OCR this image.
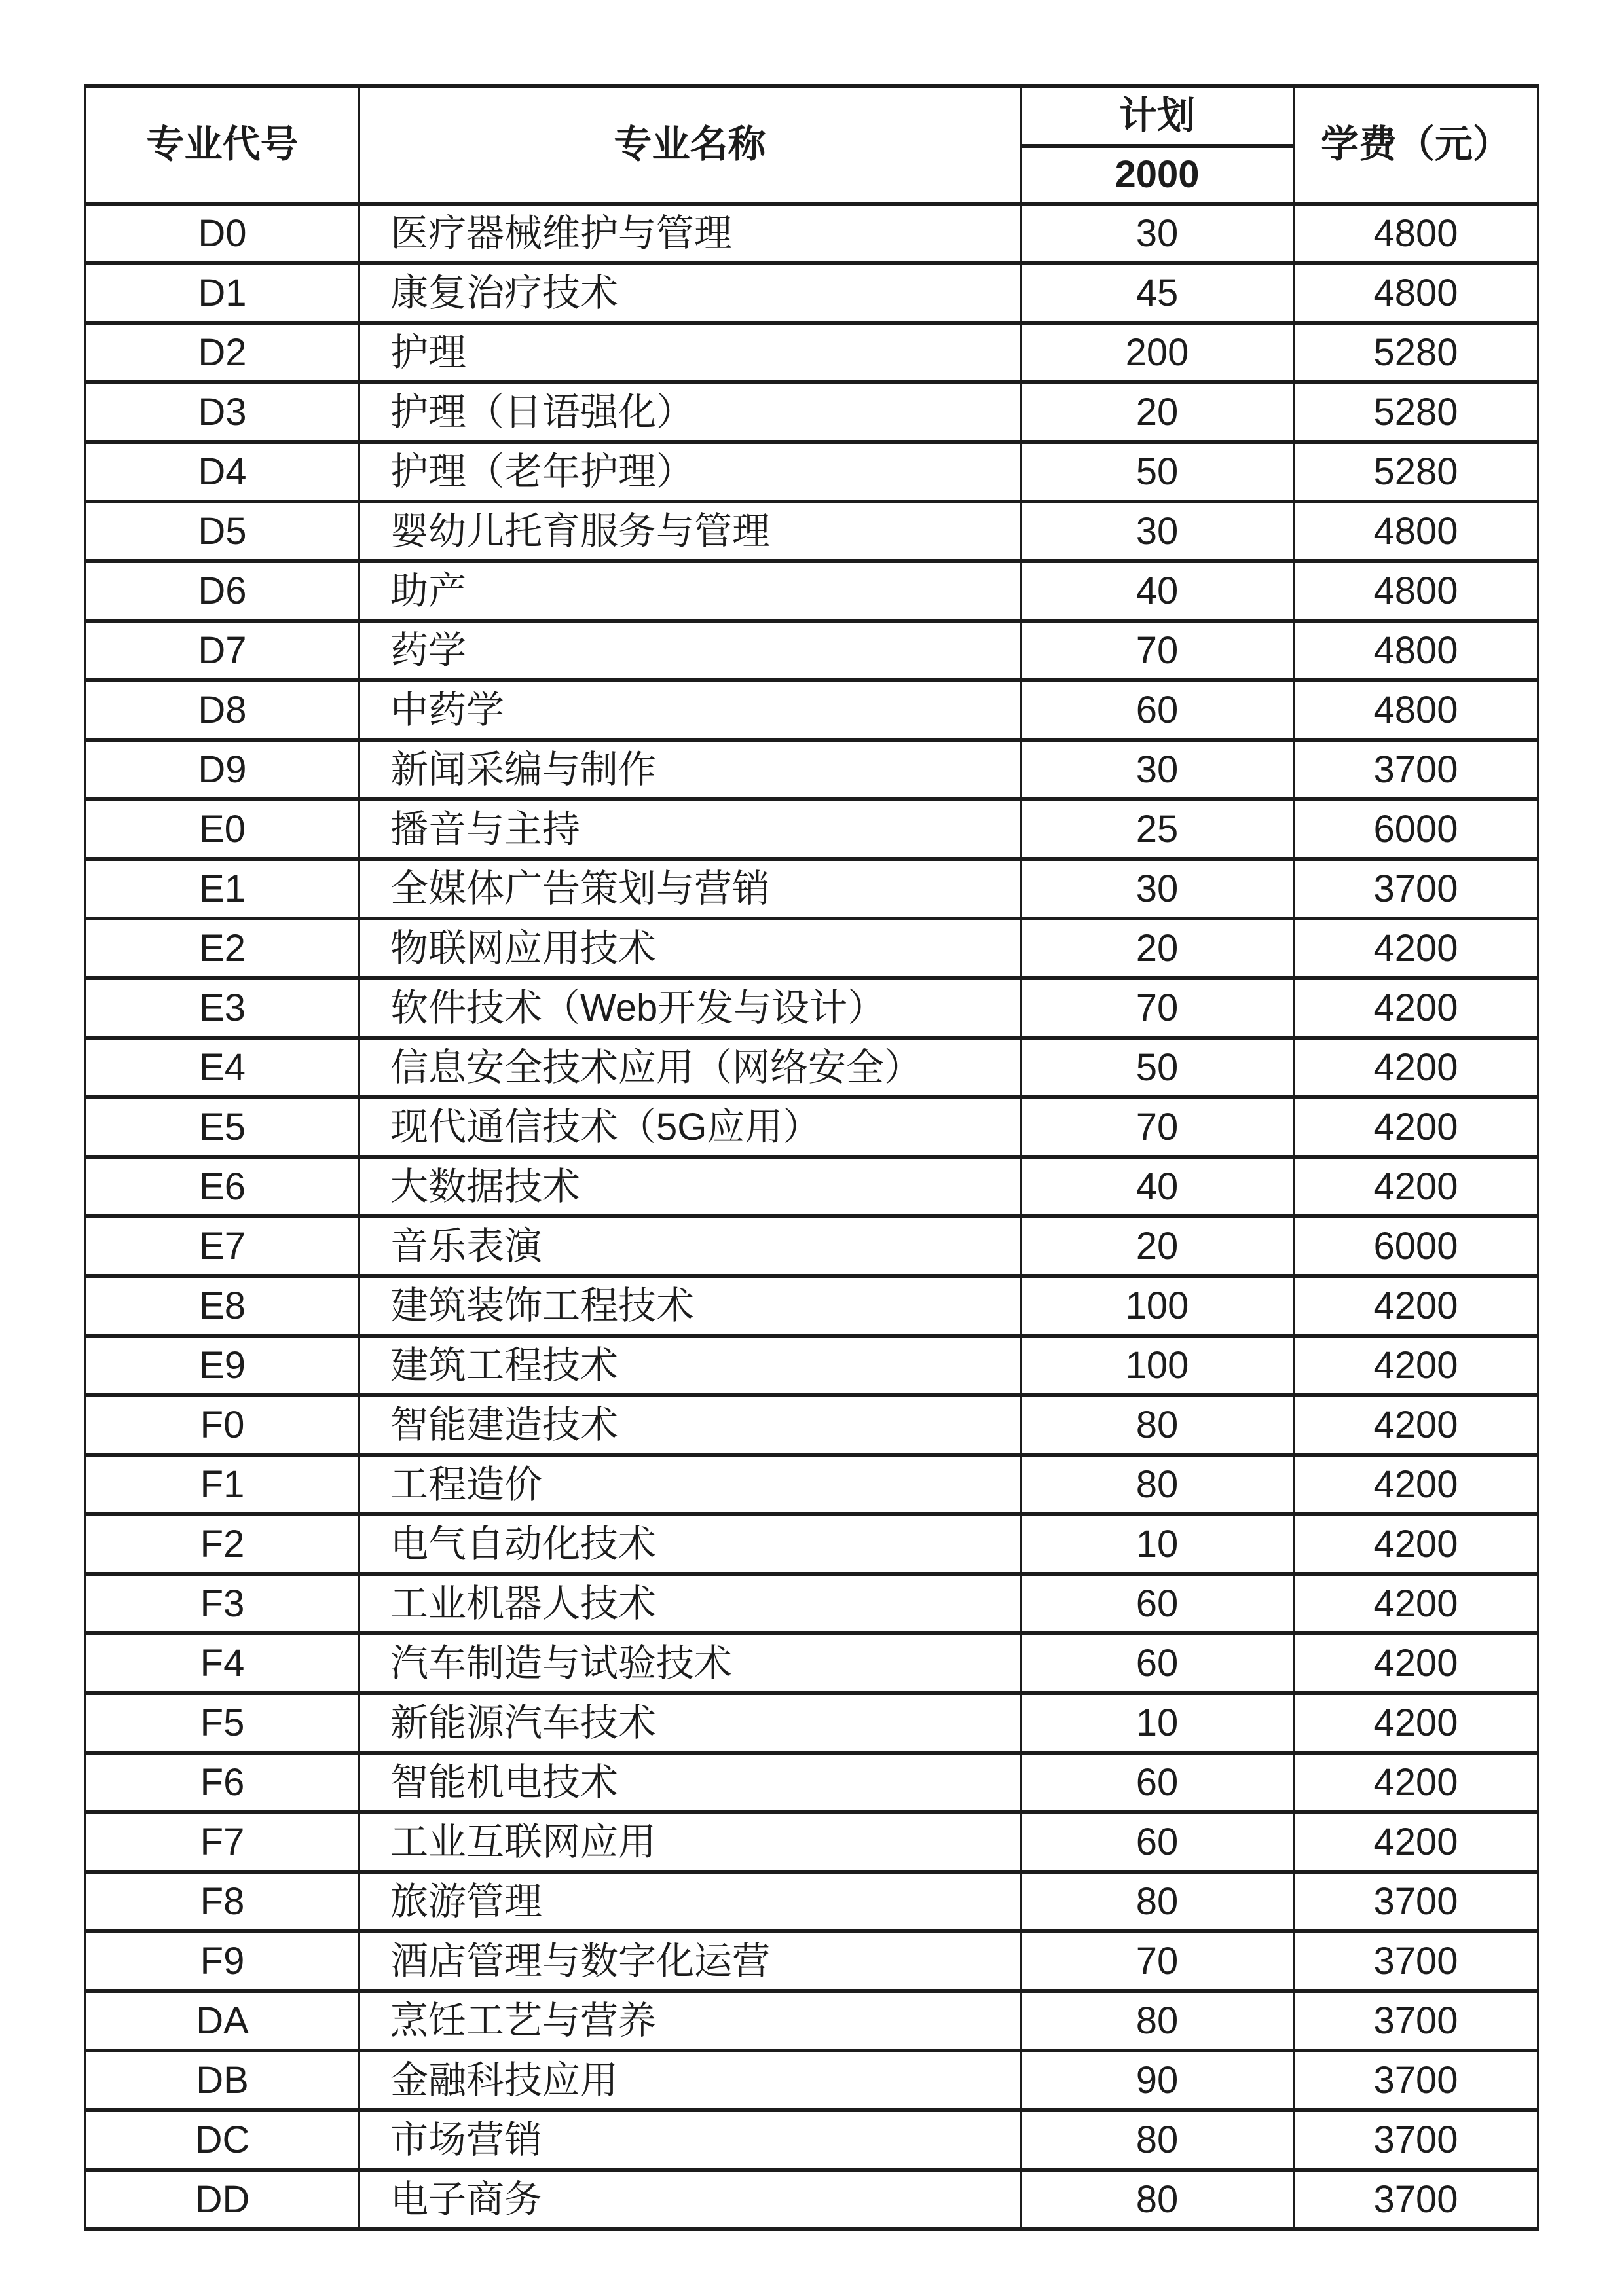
专业代号	专业名称	计划	学费（元）
		2000	
D0	医疗器械维护与管理	30	4800
D1	康复治疗技术	45	4800
D2	护理	200	5280
D3	护理（日语强化）	20	5280
D4	护理（老年护理）	50	5280
D5	婴幼儿托育服务与管理	30	4800
D6	助产	40	4800
D7	药学	70	4800
D8	中药学	60	4800
D9	新闻采编与制作	30	3700
E0	播音与主持	25	6000
E1	全媒体广告策划与营销	30	3700
E2	物联网应用技术	20	4200
E3	软件技术（Web开发与设计）	70	4200
E4	信息安全技术应用（网络安全）	50	4200
E5	现代通信技术（5G应用）	70	4200
E6	大数据技术	40	4200
E7	音乐表演	20	6000
E8	建筑装饰工程技术	100	4200
E9	建筑工程技术	100	4200
F0	智能建造技术	80	4200
F1	工程造价	80	4200
F2	电气自动化技术	10	4200
F3	工业机器人技术	60	4200
F4	汽车制造与试验技术	60	4200
F5	新能源汽车技术	10	4200
F6	智能机电技术	60	4200
F7	工业互联网应用	60	4200
F8	旅游管理	80	3700
F9	酒店管理与数字化运营	70	3700
DA	烹饪工艺与营养	80	3700
DB	金融科技应用	90	3700
DC	市场营销	80	3700
DD	电子商务	80	3700
